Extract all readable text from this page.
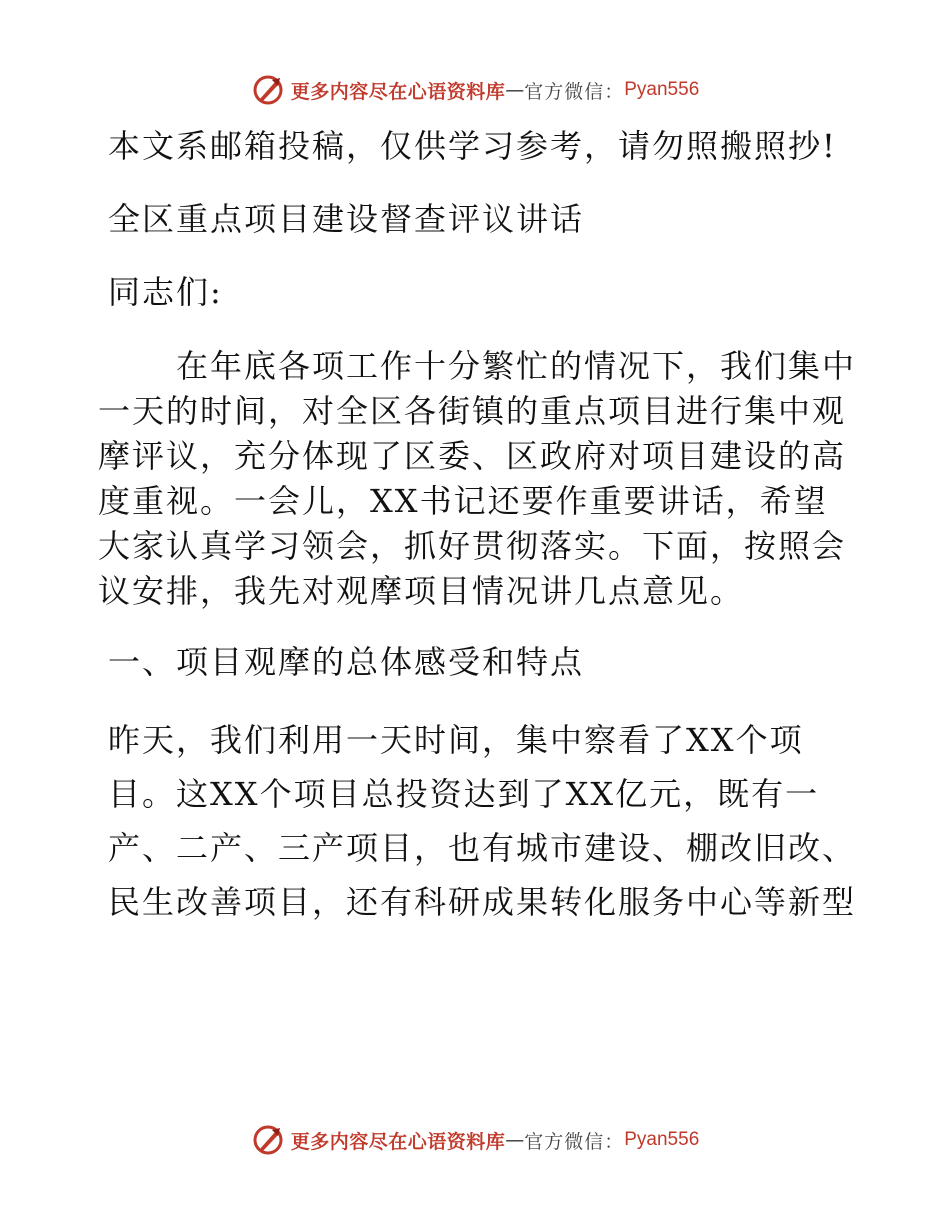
更多内容尽在心语资料库 — 官方微信： Pyan556

本文系邮箱投稿，仅供学习参考，请勿照搬照抄!

全区重点项目建设督查评议讲话

同志们:

在年底各项工作十分繁忙的情况下，我们集中一天的时间，对全区各街镇的重点项目进行集中观摩评议，充分体现了区委、区政府对项目建设的高度重视。一会儿，XX书记还要作重要讲话，希望大家认真学习领会，抓好贯彻落实。下面，按照会议安排，我先对观摩项目情况讲几点意见。

一、项目观摩的总体感受和特点

昨天，我们利用一天时间，集中察看了XX个项目。这XX个项目总投资达到了XX亿元，既有一产、二产、三产项目，也有城市建设、棚改旧改、民生改善项目，还有科研成果转化服务中心等新型

更多内容尽在心语资料库 — 官方微信： Pyan556
